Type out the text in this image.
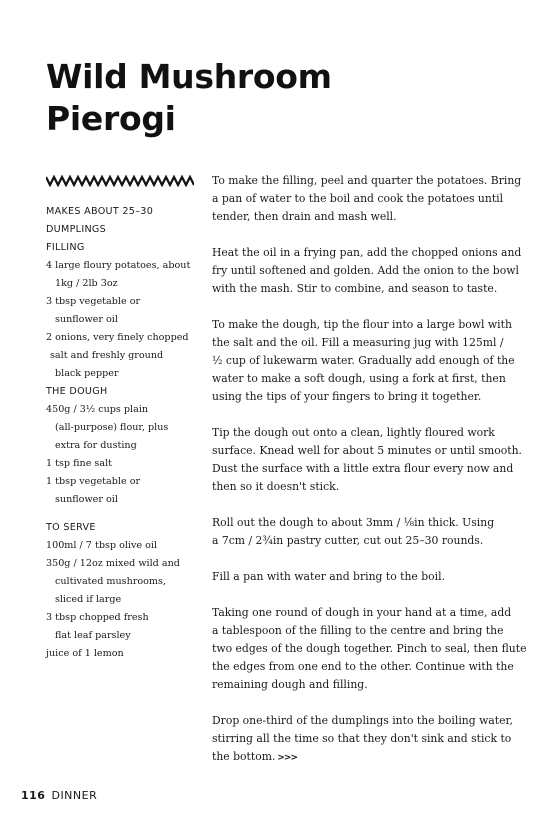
Wild Mushroom
Pierogi
MAKES ABOUT 25–30
DUMPLINGS
FILLING
4 large floury potatoes, about
1kg / 2lb 3oz
3 tbsp vegetable or
sunflower oil
2 onions, very finely chopped
salt and freshly ground
black pepper
THE DOUGH
450g / 3½ cups plain
(all-purpose) flour, plus
extra for dusting
1 tsp fine salt
1 tbsp vegetable or
sunflower oil
TO SERVE
100ml / 7 tbsp olive oil
350g / 12oz mixed wild and
cultivated mushrooms,
sliced if large
3 tbsp chopped fresh
flat leaf parsley
juice of 1 lemon
To make the filling, peel and quarter the potatoes. Bring
a pan of water to the boil and cook the potatoes until
tender, then drain and mash well.
Heat the oil in a frying pan, add the chopped onions and
fry until softened and golden. Add the onion to the bowl
with the mash. Stir to combine, and season to taste.
To make the dough, tip the flour into a large bowl with
the salt and the oil. Fill a measuring jug with 125ml /
½ cup of lukewarm water. Gradually add enough of the
water to make a soft dough, using a fork at first, then
using the tips of your fingers to bring it together.
Tip the dough out onto a clean, lightly floured work
surface. Knead well for about 5 minutes or until smooth.
Dust the surface with a little extra flour every now and
then so it doesn't stick.
Roll out the dough to about 3mm / ⅛in thick. Using
a 7cm / 2¾in pastry cutter, cut out 25–30 rounds.
Fill a pan with water and bring to the boil.
Taking one round of dough in your hand at a time, add
a tablespoon of the filling to the centre and bring the
two edges of the dough together. Pinch to seal, then flute
the edges from one end to the other. Continue with the
remaining dough and filling.
Drop one-third of the dumplings into the boiling water,
stirring all the time so that they don't sink and stick to
the bottom. >>>
116 DINNER
